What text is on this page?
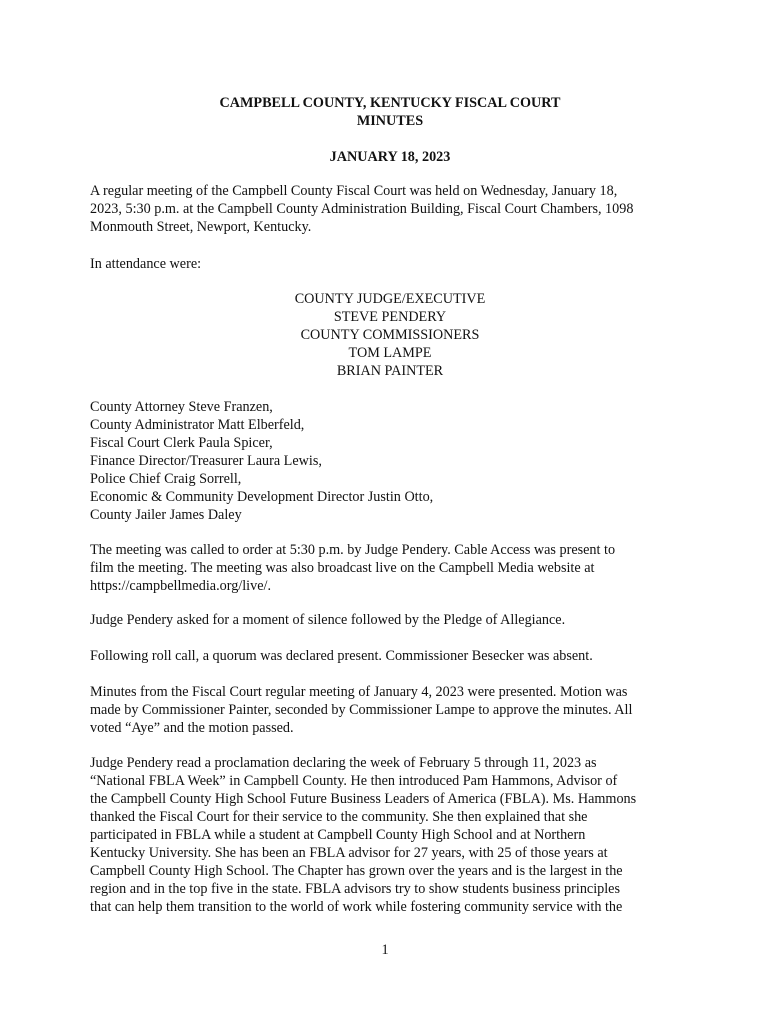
CAMPBELL COUNTY, KENTUCKY FISCAL COURT

MINUTES

JANUARY 18, 2023

A regular meeting of the Campbell County Fiscal Court was held on Wednesday, January 18,
2023, 5:30 p.m. at the Campbell County Administration Building, Fiscal Court Chambers, 1098
Monmouth Street, Newport, Kentucky.

In attendance were:

COUNTY JUDGE/EXECUTIVE
STEVE PENDERY
COUNTY COMMISSIONERS
TOM LAMPE
BRIAN PAINTER
County Attorney Steve Franzen,
County Administrator Matt Elberfeld,
Fiscal Court Clerk Paula Spicer,
Finance Director/Treasurer Laura Lewis,
Police Chief Craig Sorrell,
Economic & Community Development Director Justin Otto,
County Jailer James Daley
The meeting was called to order at 5:30 p.m. by Judge Pendery. Cable Access was present to
film the meeting. The meeting was also broadcast live on the Campbell Media website at
https://campbellmedia.org/live/.

Judge Pendery asked for a moment of silence followed by the Pledge of Allegiance.

Following roll call, a quorum was declared present. Commissioner Besecker was absent.

Minutes from the Fiscal Court regular meeting of January 4, 2023 were presented. Motion was
made by Commissioner Painter, seconded by Commissioner Lampe to approve the minutes. All
voted “Aye” and the motion passed.
Judge Pendery read a proclamation declaring the week of February 5 through 11, 2023 as
“National FBLA Week” in Campbell County. He then introduced Pam Hammons, Advisor of
the Campbell County High School Future Business Leaders of America (FBLA). Ms. Hammons
thanked the Fiscal Court for their service to the community. She then explained that she
participated in FBLA while a student at Campbell County High School and at Northern
Kentucky University. She has been an FBLA advisor for 27 years, with 25 of those years at
Campbell County High School. The Chapter has grown over the years and is the largest in the
region and in the top five in the state. FBLA advisors try to show students business principles
that can help them transition to the world of work while fostering community service with the
1
